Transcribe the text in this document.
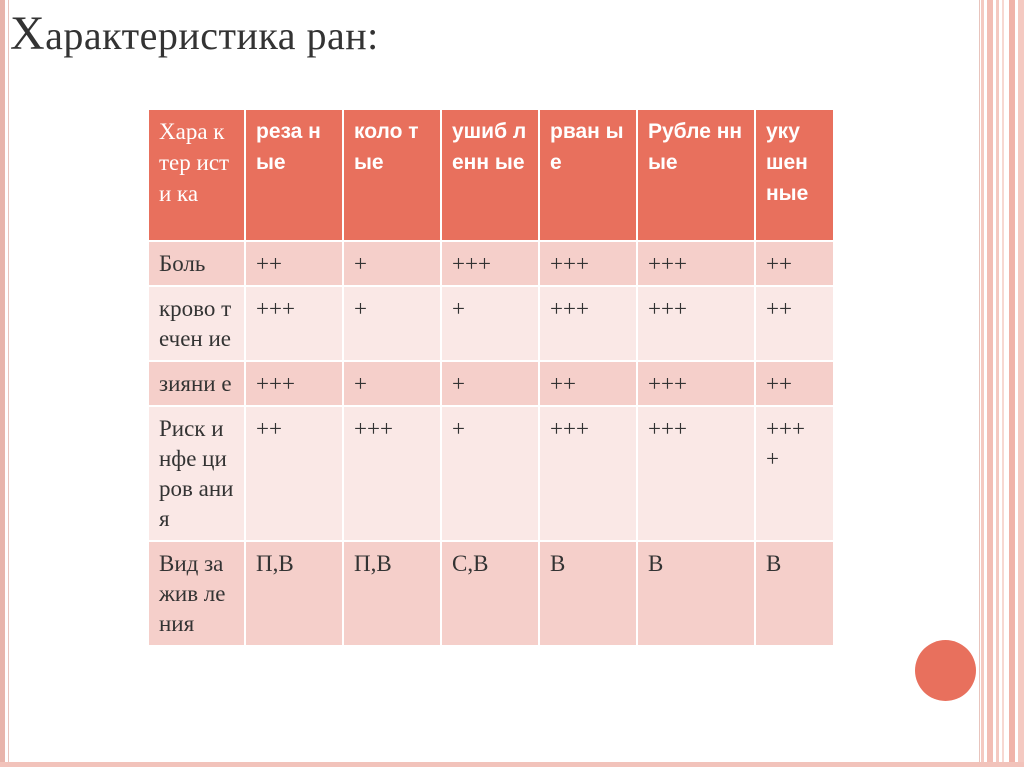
Характеристика ран:
Хара ктер исти ка	реза ные	коло тые	ушиб ленн ые	рван ые	Рубле нные	уку шен ные
Боль	++	+	+++	+++	+++	++
крово течен ие	+++	+	+	+++	+++	++
зияни е	+++	+	+	++	+++	++
Риск инфе циров ания	++	+++	+	+++	+++	+++ +
Вид зажив ления	П,В	П,В	С,В	В	В	В
